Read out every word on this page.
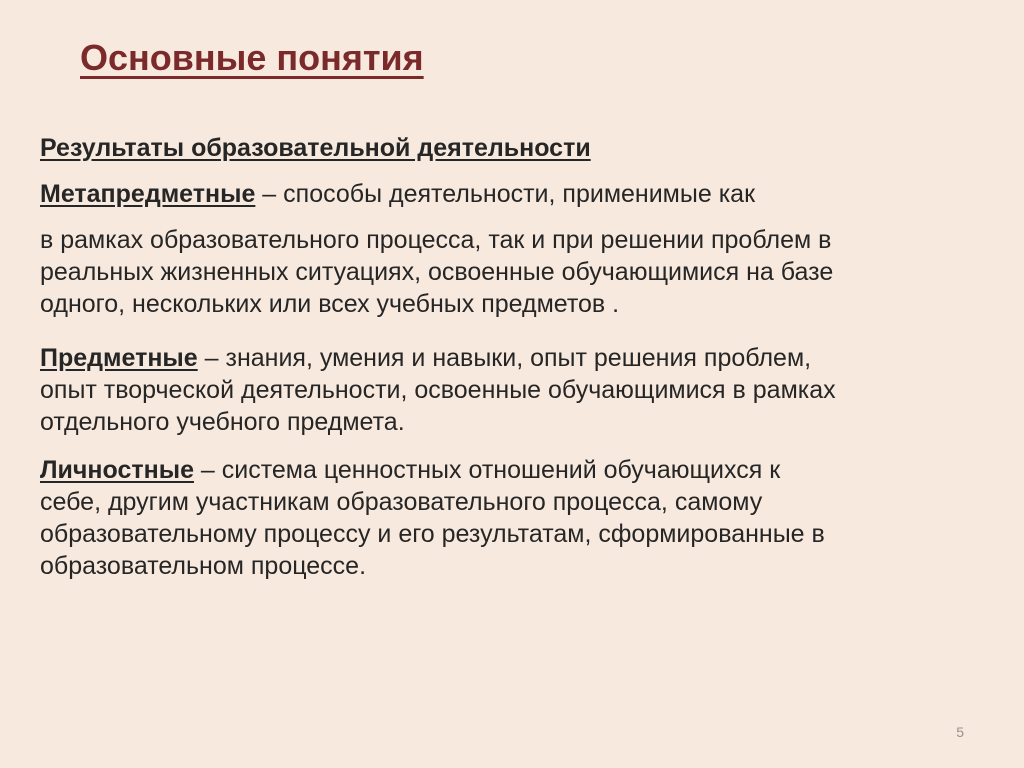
Основные понятия

Результаты образовательной деятельности

Метапредметные – способы деятельности, применимые как
в рамках образовательного процесса, так и при решении проблем в
реальных жизненных ситуациях, освоенные обучающимися на базе
одного, нескольких или всех учебных предметов .
Предметные – знания, умения и навыки, опыт решения проблем,
опыт творческой деятельности, освоенные обучающимися в рамках
отдельного учебного предмета.
Личностные – система ценностных отношений обучающихся к
себе, другим участникам образовательного процесса, самому
образовательному процессу и его результатам, сформированные в
образовательном процессе.
5
